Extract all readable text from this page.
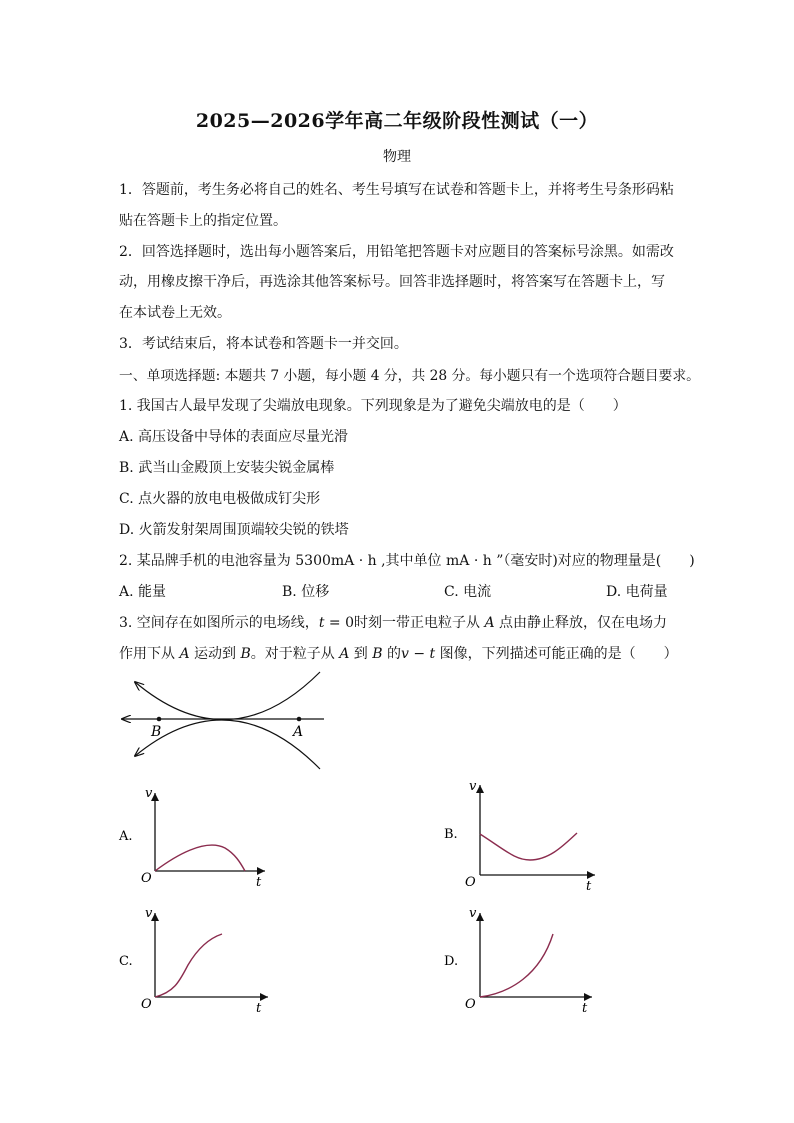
2025—2026学年高二年级阶段性测试（一）
物理
1．答题前，考生务必将自己的姓名、考生号填写在试卷和答题卡上，并将考生号条形码粘
贴在答题卡上的指定位置。
2．回答选择题时，选出每小题答案后，用铅笔把答题卡对应题目的答案标号涂黑。如需改
动，用橡皮擦干净后，再选涂其他答案标号。回答非选择题时，将答案写在答题卡上，写
在本试卷上无效。
3．考试结束后，将本试卷和答题卡一并交回。
一、单项选择题: 本题共 7 小题，每小题 4 分，共 28 分。每小题只有一个选项符合题目要求。
1. 我国古人最早发现了尖端放电现象。下列现象是为了避免尖端放电的是（　　）
A. 高压设备中导体的表面应尽量光滑
B. 武当山金殿顶上安装尖锐金属棒
C. 点火器的放电电极做成钉尖形
D. 火箭发射架周围顶端较尖锐的铁塔
2. 某品牌手机的电池容量为 5300mA · h ,其中单位 mA · h ”（毫安时)对应的物理量是(　　)
A. 能量	B. 位移	C. 电流	D. 电荷量
3. 空间存在如图所示的电场线，t = 0时刻一带正电粒子从 A 点由静止释放，仅在电场力
作用下从 A 运动到 B。对于粒子从 A 到 B 的v − t 图像，下列描述可能正确的是（　　）
B	A
v
t
O
A.
v
t
O
B.
v
t
O
C.
v
t
O
D.
